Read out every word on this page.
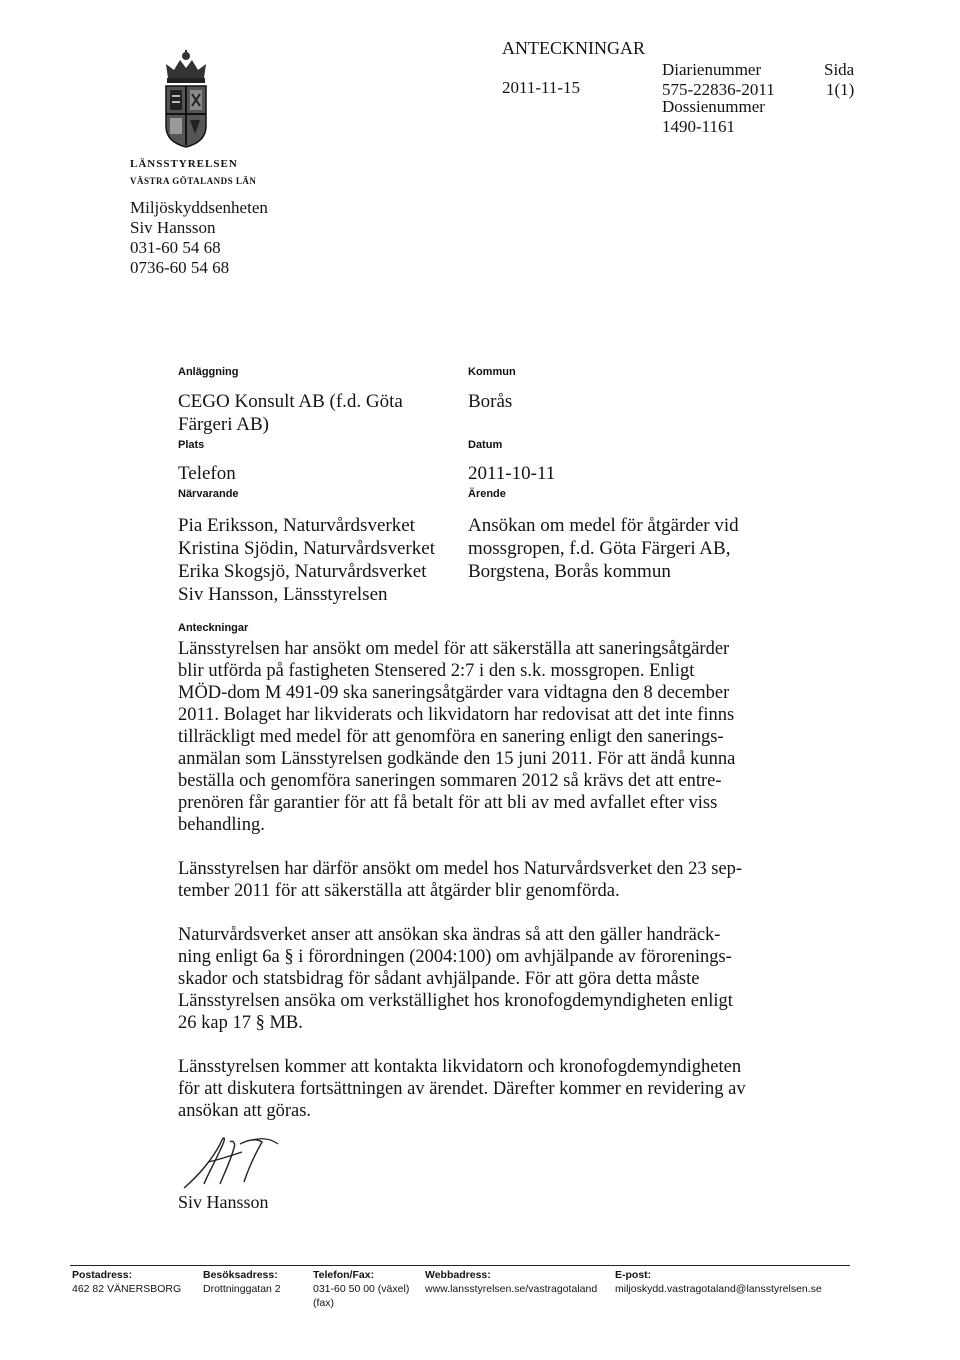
ANTECKNINGAR
2011-11-15
Diarienummer
575-22836-2011
Dossienummer
1490-1161
Sida
1(1)
LÄNSSTYRELSEN
VÄSTRA GÖTALANDS LÄN
Miljöskyddsenheten
Siv Hansson
031-60 54 68
0736-60 54 68
Anläggning
CEGO Konsult AB (f.d. Göta Färgeri AB)
Plats
Telefon
Närvarande
Pia Eriksson, Naturvårdsverket
Kristina Sjödin, Naturvårdsverket
Erika Skogsjö, Naturvårdsverket
Siv Hansson, Länsstyrelsen
Kommun
Borås
Datum
2011-10-11
Ärende
Ansökan om medel för åtgärder vid
mossgropen, f.d. Göta Färgeri AB,
Borgstena, Borås kommun
Anteckningar
Länsstyrelsen har ansökt om medel för att säkerställa att saneringsåtgärder
blir utförda på fastigheten Stensered 2:7 i den s.k. mossgropen. Enligt
MÖD-dom M 491-09 ska saneringsåtgärder vara vidtagna den 8 december
2011. Bolaget har likviderats och likvidatorn har redovisat att det inte finns
tillräckligt med medel för att genomföra en sanering enligt den sanerings-
anmälan som Länsstyrelsen godkände den 15 juni 2011. För att ändå kunna
beställa och genomföra saneringen sommaren 2012 så krävs det att entre-
prenören får garantier för att få betalt för att bli av med avfallet efter viss
behandling.
Länsstyrelsen har därför ansökt om medel hos Naturvårdsverket den 23 sep-
tember 2011 för att säkerställa att åtgärder blir genomförda.
Naturvårdsverket anser att ansökan ska ändras så att den gäller handräck-
ning enligt 6a § i förordningen (2004:100) om avhjälpande av förorenings-
skador och statsbidrag för sådant avhjälpande. För att göra detta måste
Länsstyrelsen ansöka om verkställighet hos kronofogdemyndigheten enligt
26 kap 17 § MB.
Länsstyrelsen kommer att kontakta likvidatorn och kronofogdemyndigheten
för att diskutera fortsättningen av ärendet. Därefter kommer en revidering av
ansökan att göras.
Siv Hansson
Postadress:
462 82 VÄNERSBORG
Besöksadress:
Drottninggatan 2
Telefon/Fax:
031-60 50 00 (växel)
(fax)
Webbadress:
www.lansstyrelsen.se/vastragotaland
E-post:
miljoskydd.vastragotaland@lansstyrelsen.se
